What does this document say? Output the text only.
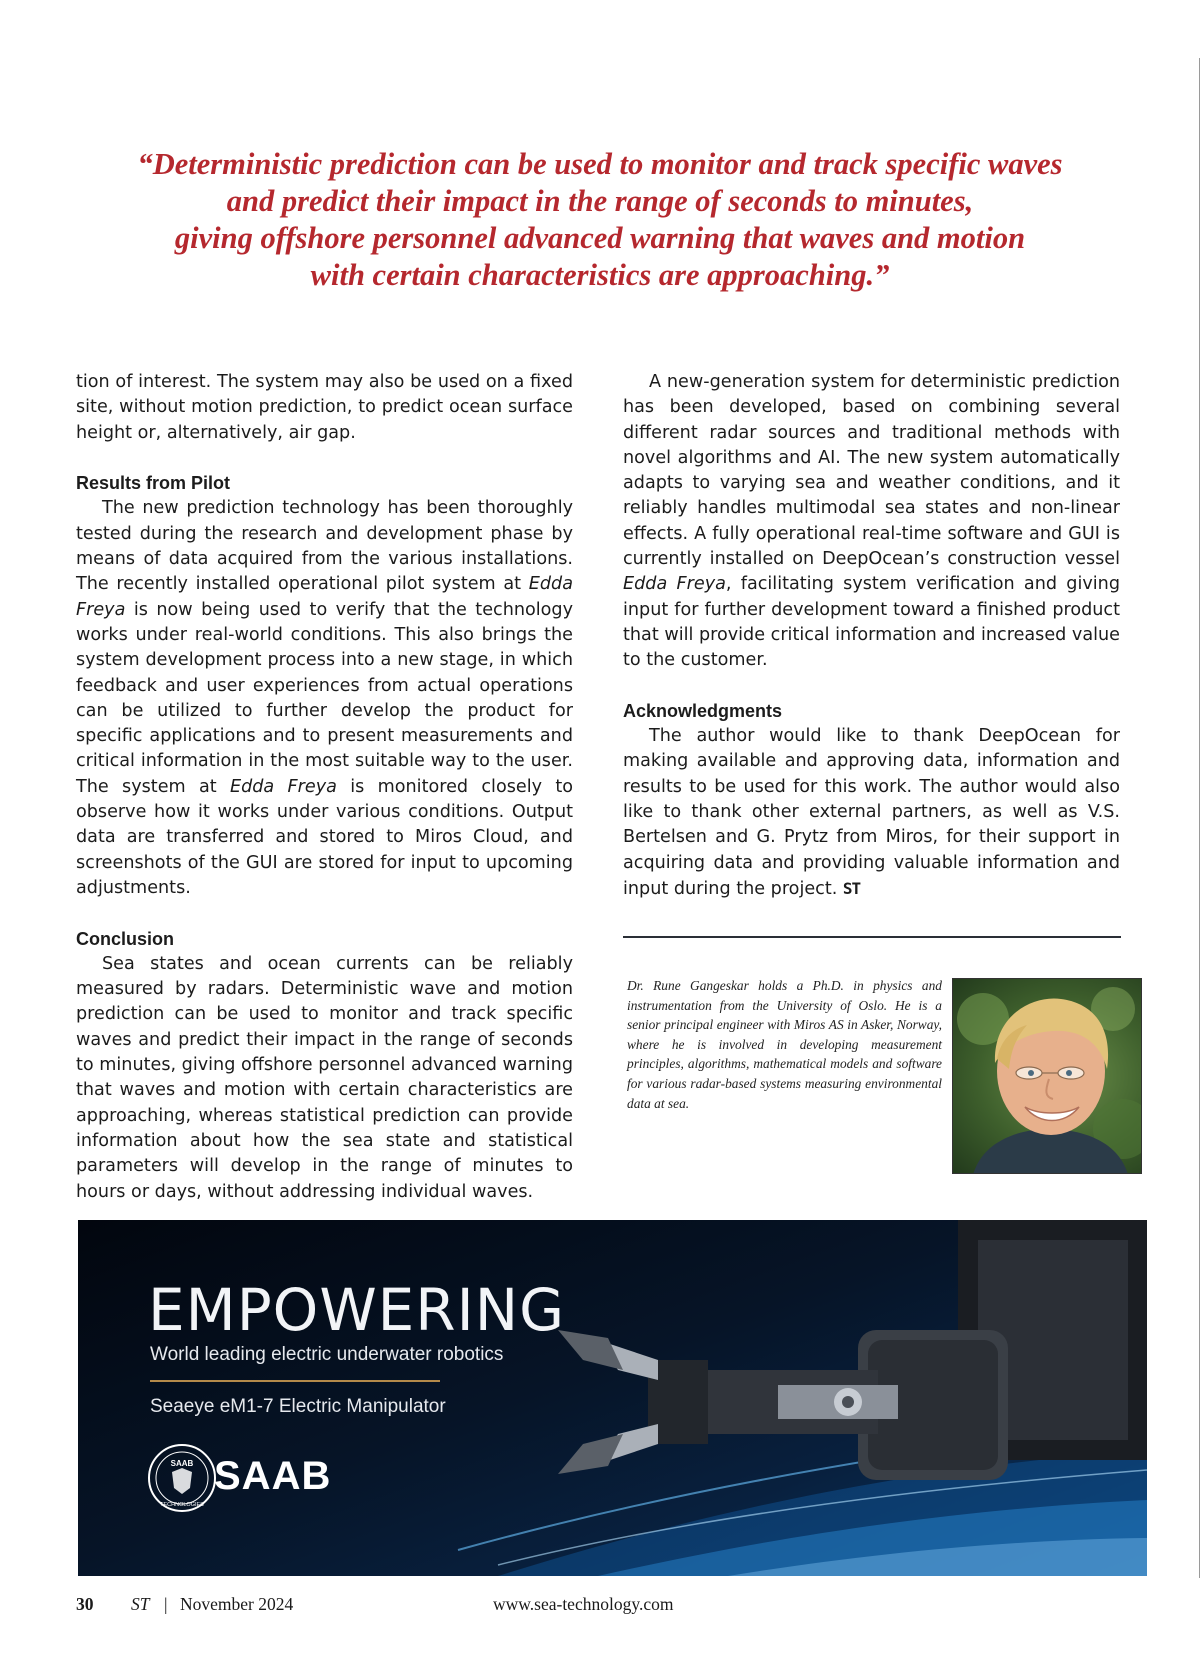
“Deterministic prediction can be used to monitor and track specific waves
and predict their impact in the range of seconds to minutes,
giving offshore personnel advanced warning that waves and motion
with certain characteristics are approaching.”

tion of interest. The system may also be used on a fixed site, without motion prediction, to predict ocean surface height or, alternatively, air gap.

Results from Pilot

The new prediction technology has been thoroughly tested during the research and development phase by means of data acquired from the various installations. The recently installed operational pilot system at Edda Freya is now being used to verify that the technology works under real-world conditions. This also brings the system development process into a new stage, in which feedback and user experiences from actual operations can be utilized to further develop the product for specific applications and to present measurements and critical information in the most suitable way to the user. The system at Edda Freya is monitored closely to observe how it works under various conditions. Output data are transferred and stored to Miros Cloud, and screenshots of the GUI are stored for input to upcoming adjustments.

Conclusion

Sea states and ocean currents can be reliably measured by radars. Deterministic wave and motion prediction can be used to monitor and track specific waves and predict their impact in the range of seconds to minutes, giving offshore personnel advanced warning that waves and motion with certain characteristics are approaching, whereas statistical prediction can provide information about how the sea state and statistical parameters will develop in the range of minutes to hours or days, without addressing individual waves.

A new-generation system for deterministic prediction has been developed, based on combining several different radar sources and traditional methods with novel algorithms and AI. The new system automatically adapts to varying sea and weather conditions, and it reliably handles multimodal sea states and non-linear effects. A fully operational real-time software and GUI is currently installed on DeepOcean’s construction vessel Edda Freya, facilitating system verification and giving input for further development toward a finished product that will provide critical information and increased value to the customer.

Acknowledgments

The author would like to thank DeepOcean for making available and approving data, information and results to be used for this work. The author would also like to thank other external partners, as well as V.S. Bertelsen and G. Prytz from Miros, for their support in acquiring data and providing valuable information and input during the project. ST

Dr. Rune Gangeskar holds a Ph.D. in physics and instrumentation from the University of Oslo. He is a senior principal engineer with Miros AS in Asker, Norway, where he is involved in developing measurement principles, algorithms, mathematical models and software for various radar-based systems measuring environmental data at sea.

EMPOWERING
World leading electric underwater robotics
Seaeye eM1-7 Electric Manipulator
SAAB
TECHNOLOGIES
SAAB
30 ST | November 2024	www.sea-technology.com
